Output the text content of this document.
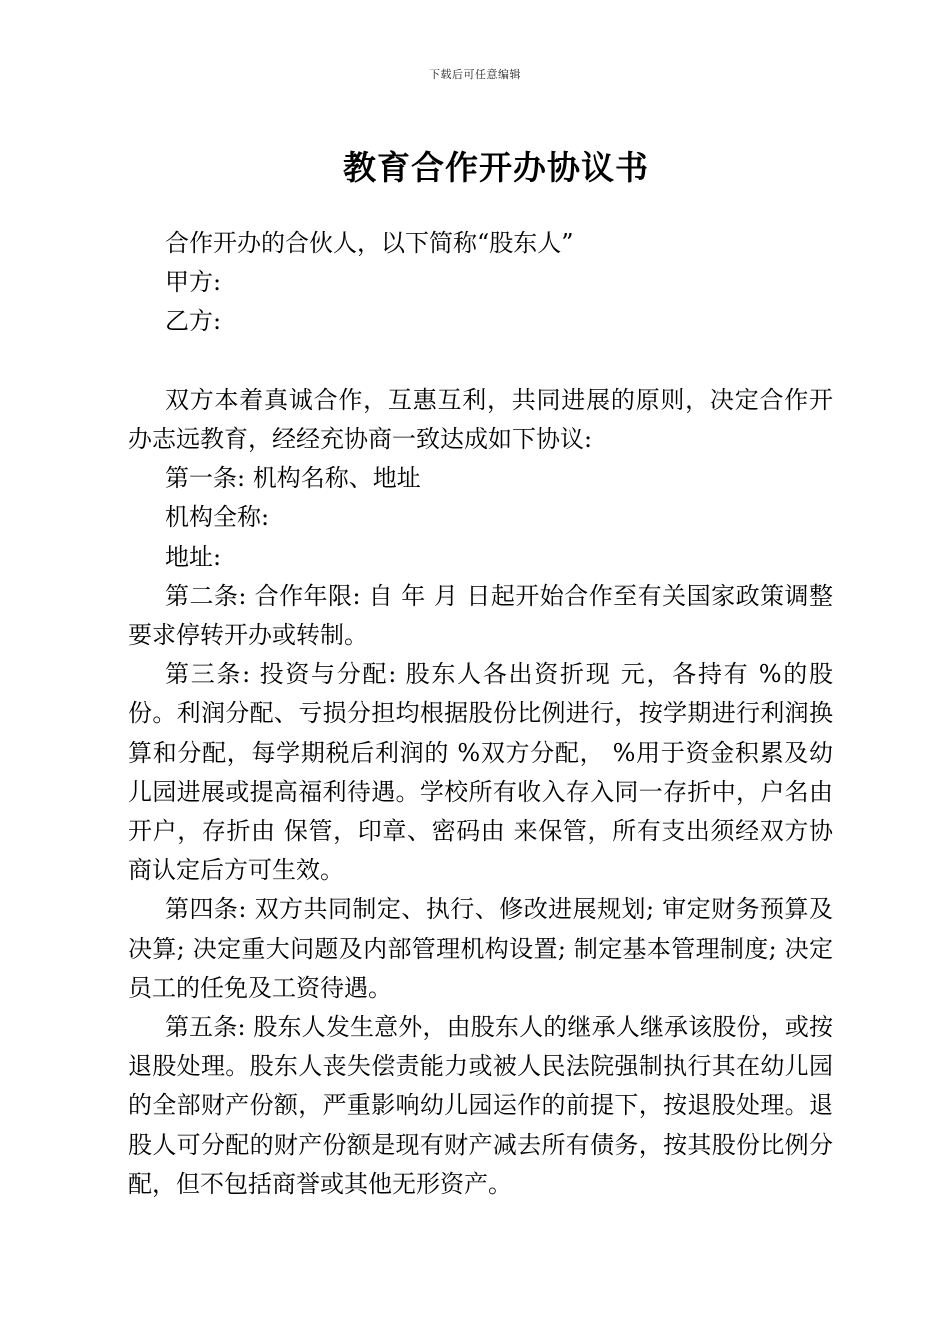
下载后可任意编辑
教育合作开办协议书
合作开办的合伙人，以下简称“股东人”
甲方:
乙方:
双方本着真诚合作，互惠互利，共同进展的原则，决定合作开办志远教育，经经充协商一致达成如下协议:
第一条: 机构名称、地址
机构全称:
地址:
第二条: 合作年限: 自 年 月 日起开始合作至有关国家政策调整要求停转开办或转制。
第三条: 投资与分配: 股东人各出资折现 元，各持有 %的股份。利润分配、亏损分担均根据股份比例进行，按学期进行利润换算和分配，每学期税后利润的 %双方分配， %用于资金积累及幼儿园进展或提高福利待遇。学校所有收入存入同一存折中，户名由 开户，存折由 保管，印章、密码由 来保管，所有支出须经双方协商认定后方可生效。
第四条: 双方共同制定、执行、修改进展规划; 审定财务预算及决算; 决定重大问题及内部管理机构设置; 制定基本管理制度; 决定员工的任免及工资待遇。
第五条: 股东人发生意外，由股东人的继承人继承该股份，或按退股处理。股东人丧失偿责能力或被人民法院强制执行其在幼儿园的全部财产份额，严重影响幼儿园运作的前提下，按退股处理。退股人可分配的财产份额是现有财产减去所有债务，按其股份比例分配，但不包括商誉或其他无形资产。
